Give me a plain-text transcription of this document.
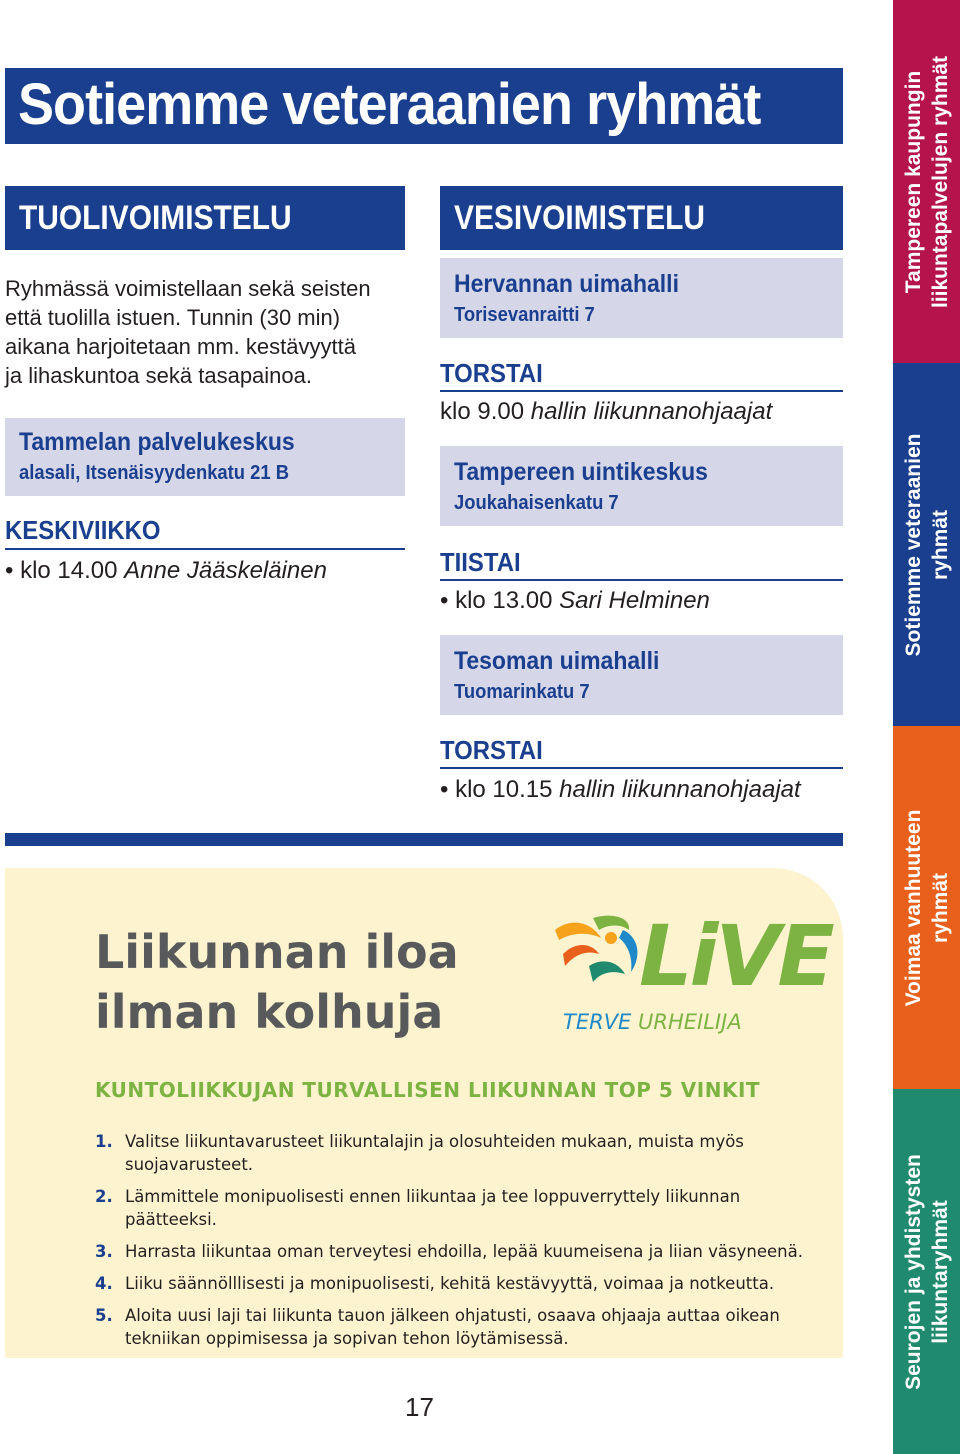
Sotiemme veteraanien ryhmät
TUOLIVOIMISTELU
Ryhmässä voimistellaan sekä seisten
että tuolilla istuen. Tunnin (30 min)
aikana harjoitetaan mm. kestävyyttä
ja lihaskuntoa sekä tasapainoa.
Tammelan palvelukeskus
alasali, Itsenäisyydenkatu 21 B
KESKIVIIKKO
• klo 14.00 Anne Jääskeläinen
VESIVOIMISTELU
Hervannan uimahalli
Torisevanraitti 7
TORSTAI
klo 9.00 hallin liikunnanohjaajat
Tampereen uintikeskus
Joukahaisenkatu 7
TIISTAI
• klo 13.00 Sari Helminen
Tesoman uimahalli
Tuomarinkatu 7
TORSTAI
• klo 10.15 hallin liikunnanohjaajat
Liikunnan iloa
ilman kolhuja
LiVE
TERVE URHEILIJA
KUNTOLIIKKUJAN TURVALLISEN LIIKUNNAN TOP 5 VINKIT
1. Valitse liikuntavarusteet liikuntalajin ja olosuhteiden mukaan, muista myös suojavarusteet.
2. Lämmittele monipuolisesti ennen liikuntaa ja tee loppuverryttely liikunnan päätteeksi.
3. Harrasta liikuntaa oman terveytesi ehdoilla, lepää kuumeisena ja liian väsyneenä.
4. Liiku säännölllisesti ja monipuolisesti, kehitä kestävyyttä, voimaa ja notkeutta.
5. Aloita uusi laji tai liikunta tauon jälkeen ohjatusti, osaava ohjaaja auttaa oikean tekniikan oppimisessa ja sopivan tehon löytämisessä.
17
Tampereen kaupungin liikuntapalvelujen ryhmät
Sotiemme veteraanien ryhmät
Voimaa vanhuuteen ryhmät
Seurojen ja yhdistysten liikuntaryhmät
